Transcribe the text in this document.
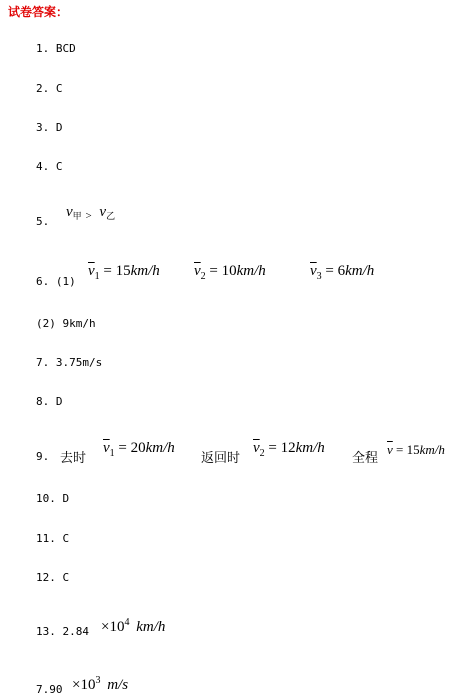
试卷答案：
1. BCD
2. C
3. D
4. C
5.
$v_甲$ $_>$ $v_乙$
6. (1)
$\overline{v}_1 = 15km/h$ $\overline{v}_2 = 10km/h$	$\overline{v}_3 = 6km/h$
(2) 9km/h
7. 3.75m/s
8. D
9. 去时
$\overline{v}_1 = 20km/h$
返回时
$\overline{v}_2 = 12km/h$
全程
$\overline{v} = 15km/h$
10. D
11. C
12. C
13. $2.84 \times 10^4$ km/h
$7.90 \times 10^3$ m/s
